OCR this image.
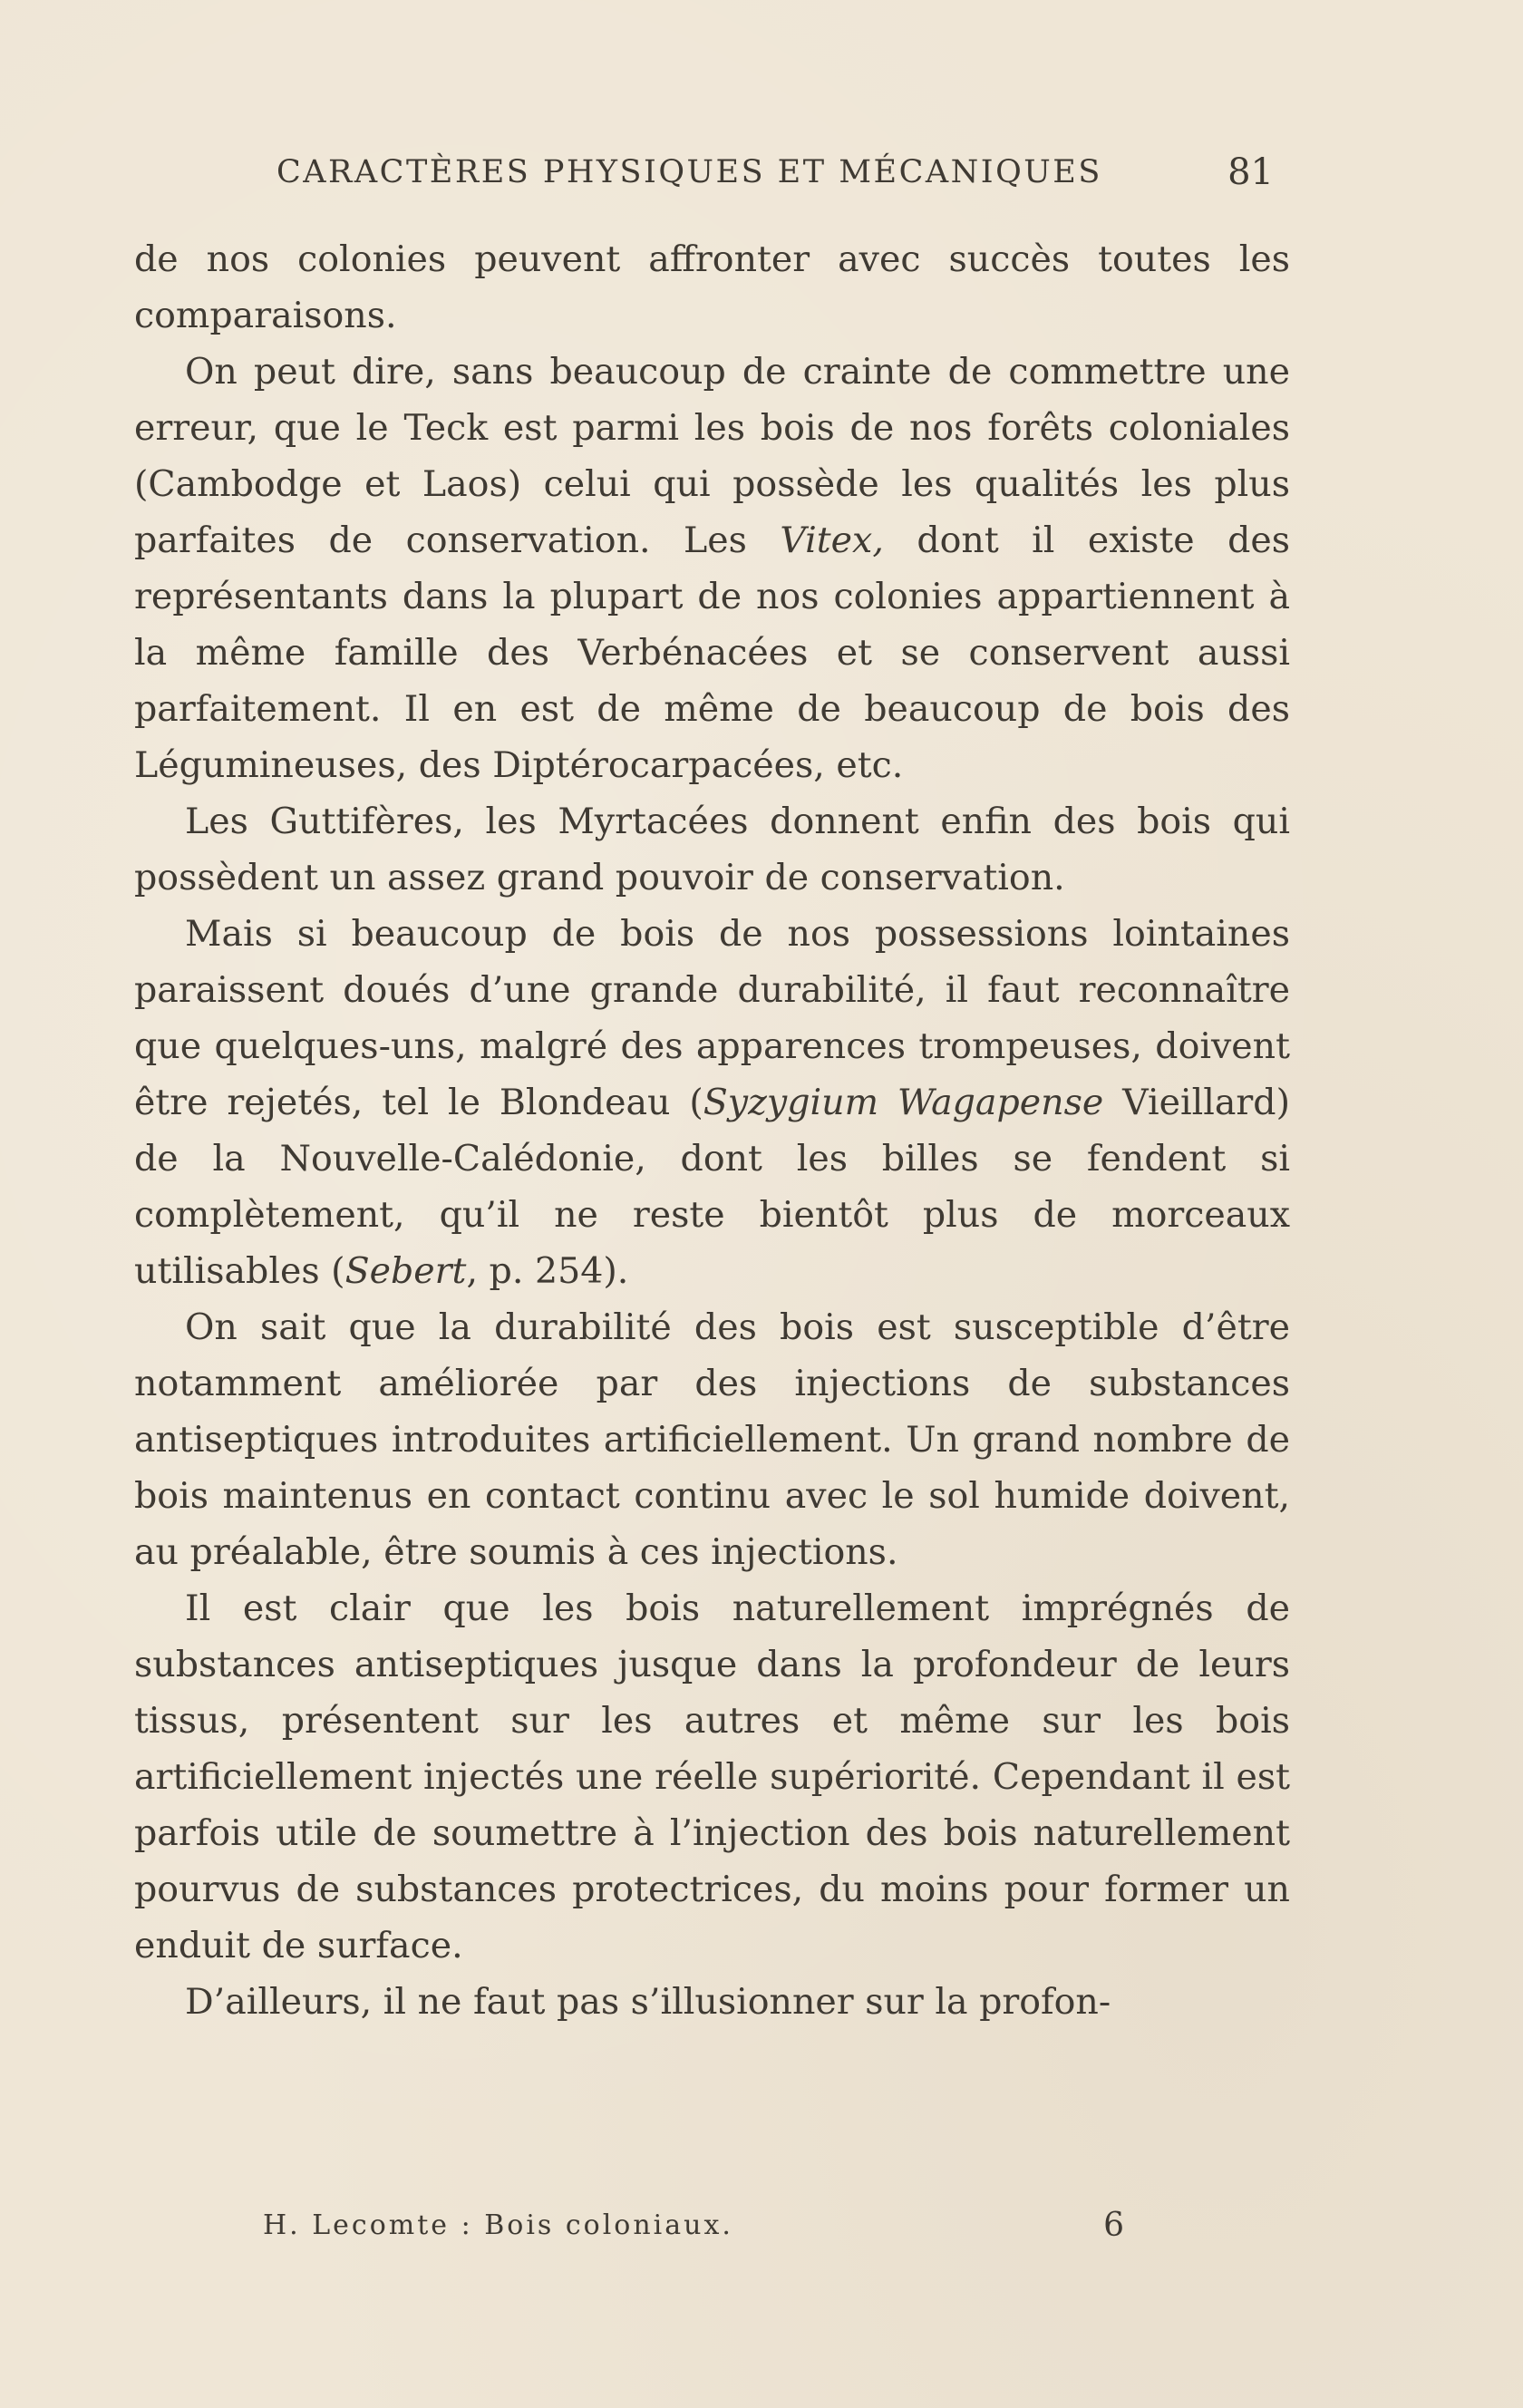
CARACTÈRES PHYSIQUES ET MÉCANIQUES	81

de nos colonies peuvent affronter avec succès toutes les comparaisons.

On peut dire, sans beaucoup de crainte de commettre une erreur, que le Teck est parmi les bois de nos forêts coloniales (Cambodge et Laos) celui qui possède les qualités les plus parfaites de conservation. Les Vitex, dont il existe des représentants dans la plupart de nos colonies appartiennent à la même famille des Verbénacées et se conservent aussi parfaitement. Il en est de même de beaucoup de bois des Légumineuses, des Diptérocarpacées, etc.

Les Guttifères, les Myrtacées donnent enfin des bois qui possèdent un assez grand pouvoir de conservation.

Mais si beaucoup de bois de nos possessions lointaines paraissent doués d’une grande durabilité, il faut reconnaître que quelques-uns, malgré des apparences trompeuses, doivent être rejetés, tel le Blondeau (Syzygium Wagapense Vieillard) de la Nouvelle-Calédonie, dont les billes se fendent si complètement, qu’il ne reste bientôt plus de morceaux utilisables (Sebert, p. 254).

On sait que la durabilité des bois est susceptible d’être notamment améliorée par des injections de substances antiseptiques introduites artificiellement. Un grand nombre de bois maintenus en contact continu avec le sol humide doivent, au préalable, être soumis à ces injections.

Il est clair que les bois naturellement imprégnés de substances antiseptiques jusque dans la profondeur de leurs tissus, présentent sur les autres et même sur les bois artificiellement injectés une réelle supériorité. Cependant il est parfois utile de soumettre à l’injection des bois naturellement pourvus de substances protectrices, du moins pour former un enduit de surface.

D’ailleurs, il ne faut pas s’illusionner sur la profon-

H. Lecomte : Bois coloniaux.	6
